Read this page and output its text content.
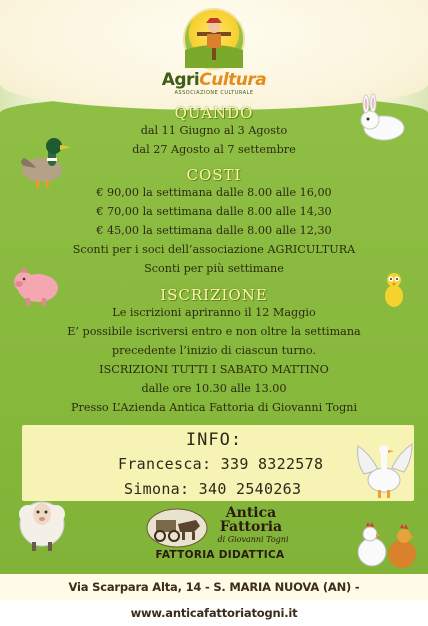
AgriCultura
ASSOCIAZIONE CULTURALE
QUANDO
dal 11 Giugno al 3 Agosto
dal 27 Agosto al 7 settembre
COSTI
€ 90,00 la settimana dalle 8.00 alle 16,00
€ 70,00 la settimana dalle 8.00 alle 14,30
€ 45,00 la settimana dalle 8.00 alle 12,30
Sconti per i soci dell’associazione AGRICULTURA
Sconti per più settimane
ISCRIZIONE
Le iscrizioni apriranno il 12 Maggio
E’ possibile iscriversi entro e non oltre la settimana
precedente l’inizio di ciascun turno.
ISCRIZIONI TUTTI I SABATO MATTINO
dalle ore 10.30 alle 13.00
Presso L’Azienda Antica Fattoria di Giovanni Togni
INFO:
Francesca: 339 8322578
Simona: 340 2540263
Antica
Fattoria
di Giovanni Togni
FATTORIA DIDATTICA
Via Scarpara Alta, 14 - S. MARIA NUOVA (AN) - www.anticafattoriatogni.it
